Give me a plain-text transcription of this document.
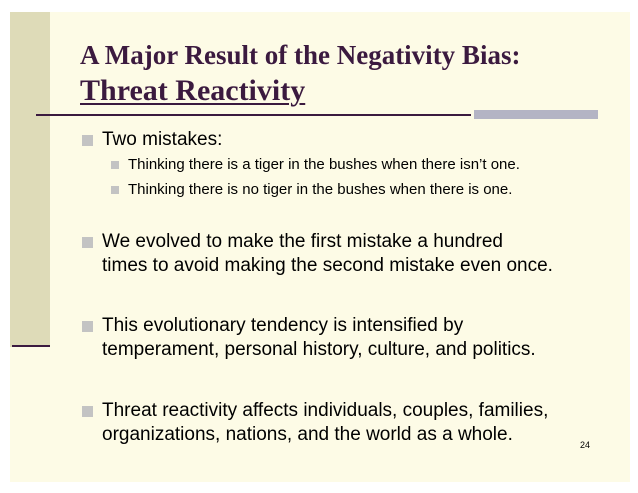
A Major Result of the Negativity Bias:
Threat Reactivity
Two mistakes:
Thinking there is a tiger in the bushes when there isn’t one.
Thinking there is no tiger in the bushes when there is one.
We evolved to make the first mistake a hundred
times to avoid making the second mistake even once.
This evolutionary tendency is intensified by
temperament, personal history, culture, and politics.
Threat reactivity affects individuals, couples, families,
organizations, nations, and the world as a whole.	24
